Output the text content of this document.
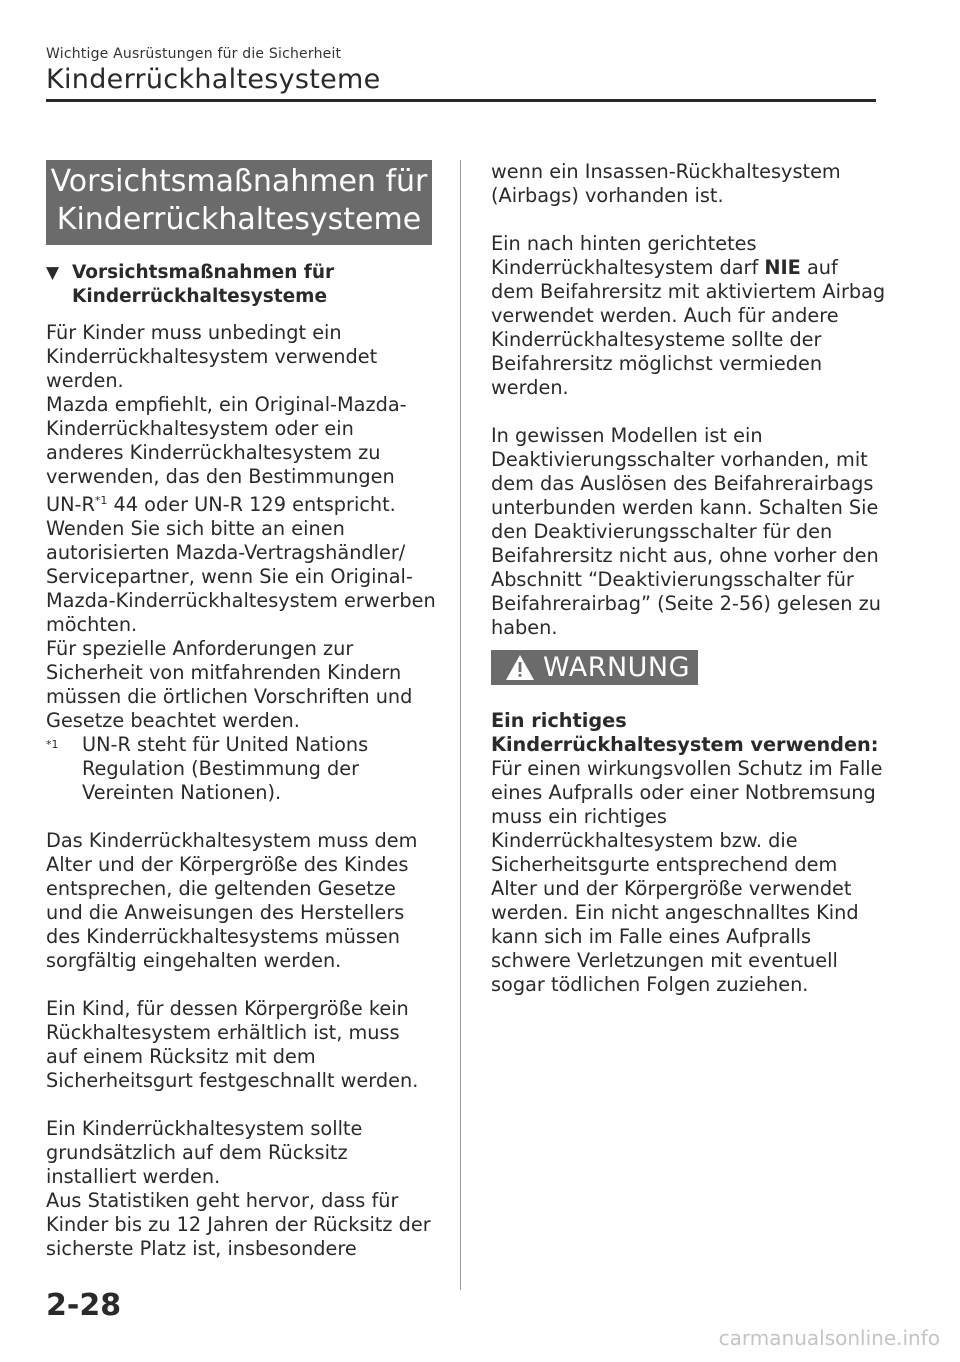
Wichtige Ausrüstungen für die Sicherheit
Kinderrückhaltesysteme
Vorsichtsmaßnahmen für
Kinderrückhaltesysteme
▼ Vorsichtsmaßnahmen für
Kinderrückhaltesysteme

Für Kinder muss unbedingt ein Kinderrückhaltesystem verwendet werden.

Mazda empfiehlt, ein Original-Mazda-Kinderrückhaltesystem oder ein anderes Kinderrückhaltesystem zu verwenden, das den Bestimmungen $UN-R^{*1}$ 44 oder UN-R 129 entspricht. Wenden Sie sich bitte an einen autorisierten Mazda-Vertragshändler/ Servicepartner, wenn Sie ein Original-Mazda-Kinderrückhaltesystem erwerben möchten.

Für spezielle Anforderungen zur Sicherheit von mitfahrenden Kindern müssen die örtlichen Vorschriften und Gesetze beachtet werden.

$^{*1}$	UN-R steht für United Nations Regulation (Bestimmung der Vereinten Nationen).

Das Kinderrückhaltesystem muss dem Alter und der Körpergröße des Kindes entsprechen, die geltenden Gesetze und die Anweisungen des Herstellers des Kinderrückhaltesystems müssen sorgfältig eingehalten werden.

Ein Kind, für dessen Körpergröße kein Rückhaltesystem erhältlich ist, muss auf einem Rücksitz mit dem Sicherheitsgurt festgeschnallt werden.

Ein Kinderrückhaltesystem sollte grundsätzlich auf dem Rücksitz installiert werden.

Aus Statistiken geht hervor, dass für Kinder bis zu 12 Jahren der Rücksitz der sicherste Platz ist, insbesondere

wenn ein Insassen-Rückhaltesystem (Airbags) vorhanden ist.

Ein nach hinten gerichtetes Kinderrückhaltesystem darf NIE auf dem Beifahrersitz mit aktiviertem Airbag verwendet werden. Auch für andere Kinderrückhaltesysteme sollte der Beifahrersitz möglichst vermieden werden.

In gewissen Modellen ist ein Deaktivierungsschalter vorhanden, mit dem das Auslösen des Beifahrerairbags unterbunden werden kann. Schalten Sie den Deaktivierungsschalter für den Beifahrersitz nicht aus, ohne vorher den Abschnitt “Deaktivierungsschalter für Beifahrerairbag” (Seite 2-56) gelesen zu haben.

WARNUNG

Ein richtiges Kinderrückhaltesystem verwenden:

Für einen wirkungsvollen Schutz im Falle eines Aufpralls oder einer Notbremsung muss ein richtiges Kinderrückhaltesystem bzw. die Sicherheitsgurte entsprechend dem Alter und der Körpergröße verwendet werden. Ein nicht angeschnalltes Kind kann sich im Falle eines Aufpralls schwere Verletzungen mit eventuell sogar tödlichen Folgen zuziehen.

2-28
carmanualsonline.info
